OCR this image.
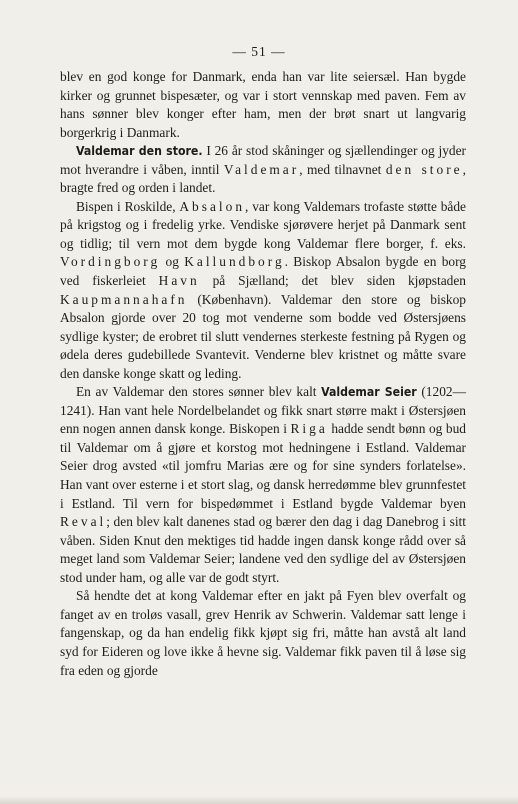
— 51 —

blev en god konge for Danmark, enda han var lite seiersæl. Han bygde kirker og grunnet bispesæter, og var i stort vennskap med paven. Fem av hans sønner blev konger efter ham, men der brøt snart ut langvarig borgerkrig i Danmark.

Valdemar den store. I 26 år stod skåninger og sjællendinger og jyder mot hverandre i våben, inntil Valdemar, med tilnavnet den store, bragte fred og orden i landet.

Bispen i Roskilde, Absalon, var kong Valdemars trofaste støtte både på krigstog og i fredelig yrke. Vendiske sjørøvere herjet på Danmark sent og tidlig; til vern mot dem bygde kong Valdemar flere borger, f. eks. Vordingborg og Kallundborg. Biskop Absalon bygde en borg ved fiskerleiet Havn på Sjælland; det blev siden kjøpstaden Kaupmannahafn (København). Valdemar den store og biskop Absalon gjorde over 20 tog mot venderne som bodde ved Østersjøens sydlige kyster; de erobret til slutt vendernes sterkeste festning på Rygen og ødela deres gudebillede Svantevit. Venderne blev kristnet og måtte svare den danske konge skatt og leding.

En av Valdemar den stores sønner blev kalt Valdemar Seier (1202—1241). Han vant hele Nordelbelandet og fikk snart større makt i Østersjøen enn nogen annen dansk konge. Biskopen i Riga hadde sendt bønn og bud til Valdemar om å gjøre et korstog mot hedningene i Estland. Valdemar Seier drog avsted «til jomfru Marias ære og for sine synders forlatelse». Han vant over esterne i et stort slag, og dansk herredømme blev grunnfestet i Estland. Til vern for bispedømmet i Estland bygde Valdemar byen Reval; den blev kalt danenes stad og bærer den dag i dag Danebrog i sitt våben. Siden Knut den mektiges tid hadde ingen dansk konge rådd over så meget land som Valdemar Seier; landene ved den sydlige del av Østersjøen stod under ham, og alle var de godt styrt.

Så hendte det at kong Valdemar efter en jakt på Fyen blev overfalt og fanget av en troløs vasall, grev Henrik av Schwerin. Valdemar satt lenge i fangenskap, og da han endelig fikk kjøpt sig fri, måtte han avstå alt land syd for Eideren og love ikke å hevne sig. Valdemar fikk paven til å løse sig fra eden og gjorde
